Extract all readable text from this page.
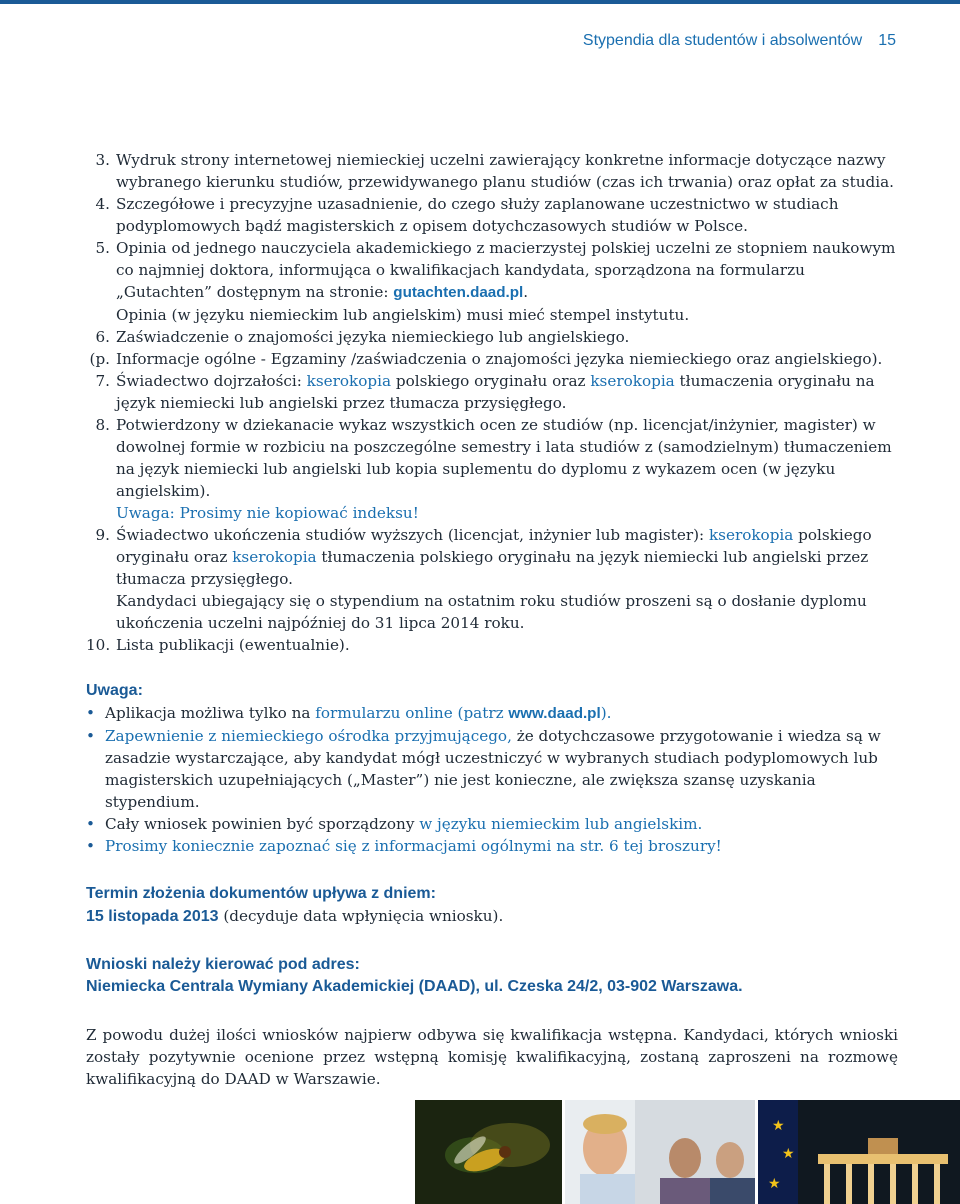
Stypendia dla studentów i absolwentów 15
3. Wydruk strony internetowej niemieckiej uczelni zawierający konkretne informacje dotyczące nazwy wybranego kierunku studiów, przewidywanego planu studiów (czas ich trwania) oraz opłat za studia.
4. Szczegółowe i precyzyjne uzasadnienie, do czego służy zaplanowane uczestnictwo w studiach podyplomowych bądź magisterskich z opisem dotychczasowych studiów w Polsce.
5. Opinia od jednego nauczyciela akademickiego z macierzystej polskiej uczelni ze stopniem naukowym co najmniej doktora, informująca o kwalifikacjach kandydata, sporządzona na formularzu „Gutachten” dostępnym na stronie: gutachten.daad.pl.
Opinia (w języku niemieckim lub angielskim) musi mieć stempel instytutu.
6. Zaświadczenie o znajomości języka niemieckiego lub angielskiego.
(p. Informacje ogólne - Egzaminy /zaświadczenia o znajomości języka niemieckiego oraz angielskiego).
7. Świadectwo dojrzałości: kserokopia polskiego oryginału oraz kserokopia tłumaczenia oryginału na język niemiecki lub angielski przez tłumacza przysięgłego.
8. Potwierdzony w dziekanacie wykaz wszystkich ocen ze studiów (np. licencjat/inżynier, magister) w dowolnej formie w rozbiciu na poszczególne semestry i lata studiów z (samodzielnym) tłumaczeniem na język niemiecki lub angielski lub kopia suplementu do dyplomu z wykazem ocen (w języku angielskim).
Uwaga: Prosimy nie kopiować indeksu!
9. Świadectwo ukończenia studiów wyższych (licencjat, inżynier lub magister): kserokopia polskiego oryginału oraz kserokopia tłumaczenia polskiego oryginału na język niemiecki lub angielski przez tłumacza przysięgłego.
Kandydaci ubiegający się o stypendium na ostatnim roku studiów proszeni są o dosłanie dyplomu ukończenia uczelni najpóźniej do 31 lipca 2014 roku.
10. Lista publikacji (ewentualnie).
Uwaga:
• Aplikacja możliwa tylko na formularzu online (patrz www.daad.pl).
• Zapewnienie z niemieckiego ośrodka przyjmującego, że dotychczasowe przygotowanie i wiedza są w zasadzie wystarczające, aby kandydat mógł uczestniczyć w wybranych studiach podyplomowych lub magisterskich uzupełniających („Master”) nie jest konieczne, ale zwiększa szansę uzyskania stypendium.
• Cały wniosek powinien być sporządzony w języku niemieckim lub angielskim.
• Prosimy koniecznie zapoznać się z informacjami ogólnymi na str. 6 tej broszury!
Termin złożenia dokumentów upływa z dniem:
15 listopada 2013 (decyduje data wpłynięcia wniosku).
Wnioski należy kierować pod adres:
Niemiecka Centrala Wymiany Akademickiej (DAAD), ul. Czeska 24/2, 03-902 Warszawa.
Z powodu dużej ilości wniosków najpierw odbywa się kwalifikacja wstępna. Kandydaci, których wnioski zostały pozytywnie ocenione przez wstępną komisję kwalifikacyjną, zostaną zaproszeni na rozmowę kwalifikacyjną do DAAD w Warszawie.
★
★
★
